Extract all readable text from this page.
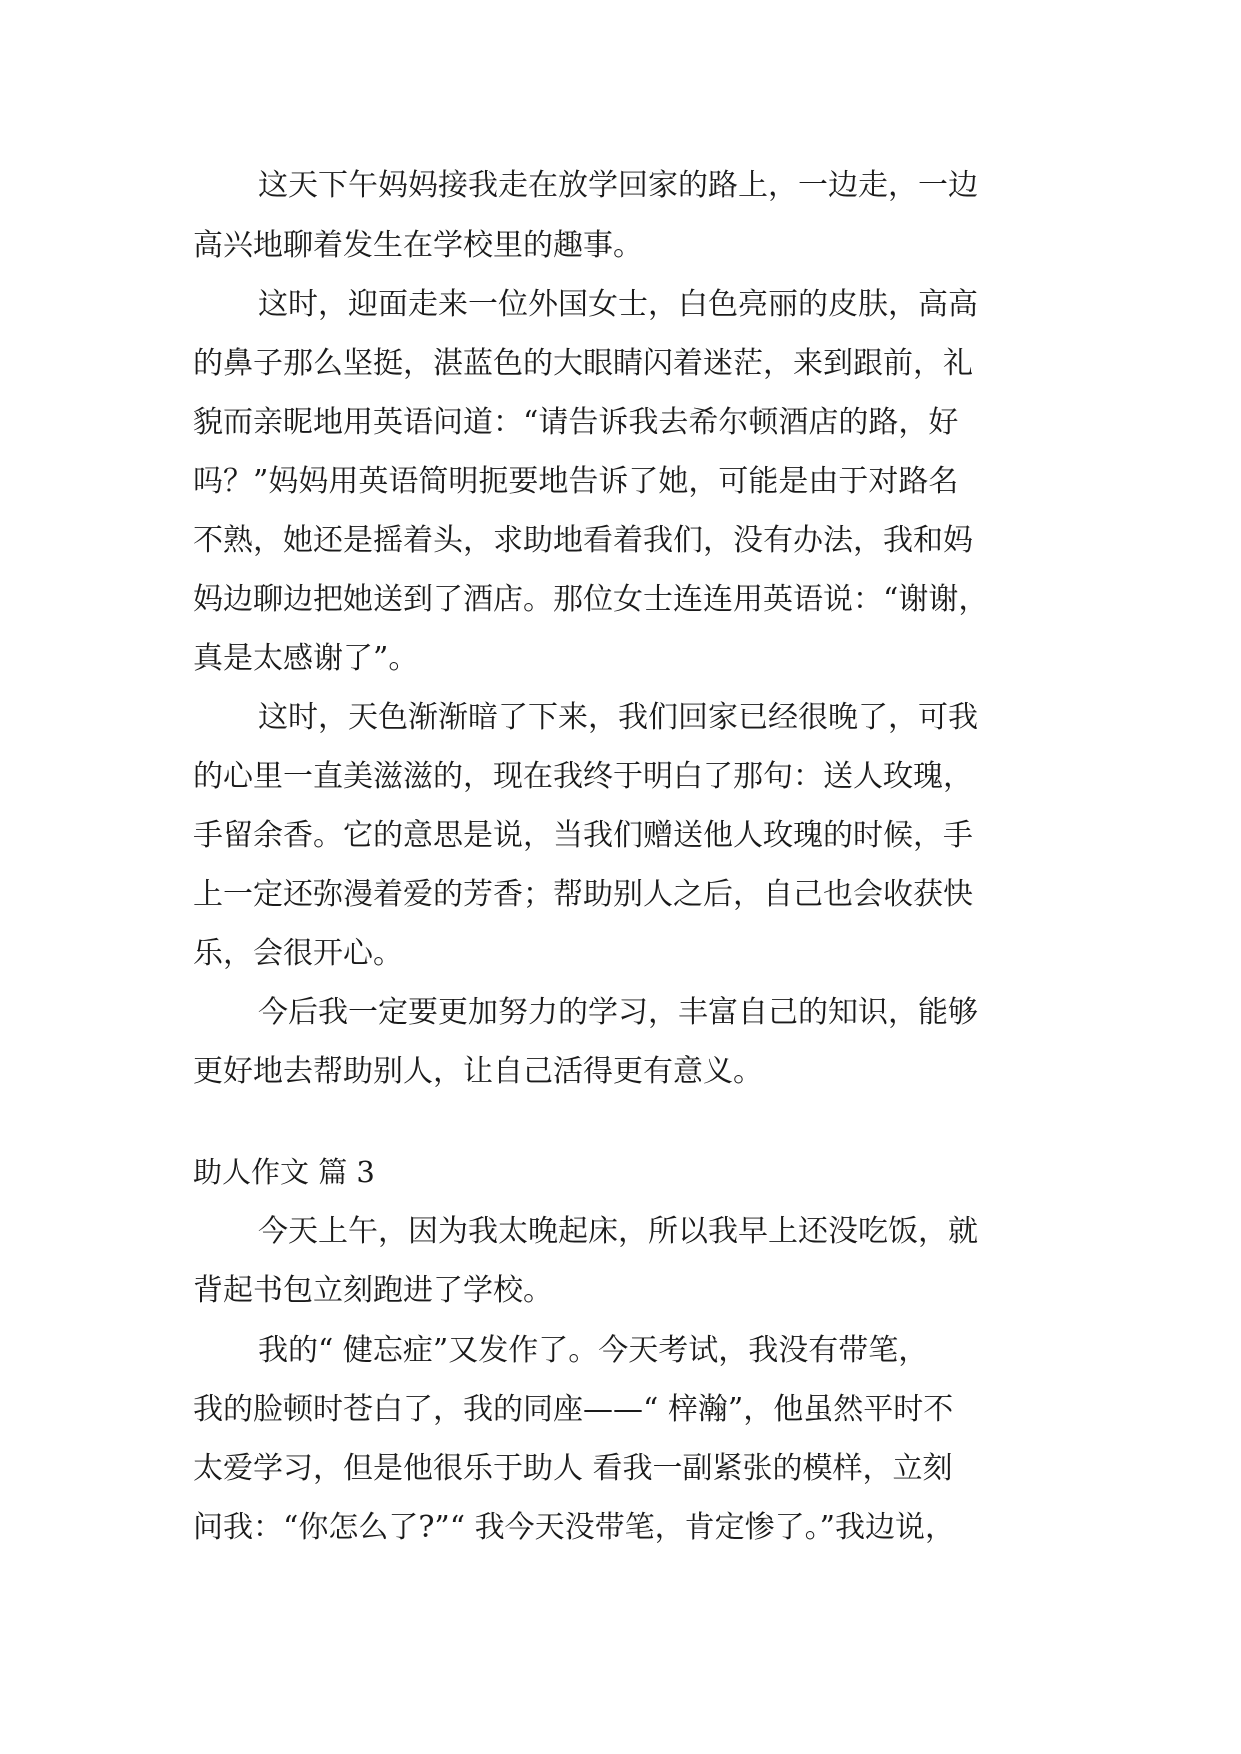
这天下午妈妈接我走在放学回家的路上，一边走，一边

高兴地聊着发生在学校里的趣事。

这时，迎面走来一位外国女士，白色亮丽的皮肤，高高

的鼻子那么坚挺，湛蓝色的大眼睛闪着迷茫，来到跟前，礼

貌而亲昵地用英语问道：“请告诉我去希尔顿酒店的路，好

吗？”妈妈用英语简明扼要地告诉了她，可能是由于对路名

不熟，她还是摇着头，求助地看着我们，没有办法，我和妈

妈边聊边把她送到了酒店。那位女士连连用英语说：“谢谢，

真是太感谢了”。

这时，天色渐渐暗了下来，我们回家已经很晚了，可我

的心里一直美滋滋的，现在我终于明白了那句：送人玫瑰，

手留余香。它的意思是说，当我们赠送他人玫瑰的时候，手

上一定还弥漫着爱的芳香；帮助别人之后，自己也会收获快

乐，会很开心。

今后我一定要更加努力的学习，丰富自己的知识，能够

更好地去帮助别人，让自己活得更有意义。

助人作文 篇 3

今天上午，因为我太晚起床，所以我早上还没吃饭，就

背起书包立刻跑进了学校。

我的“ 健忘症”又发作了。今天考试，我没有带笔，

我的脸顿时苍白了，我的同座——“ 梓瀚”，他虽然平时不

太爱学习，但是他很乐于助人 看我一副紧张的模样，立刻

问我：“你怎么了?”“ 我今天没带笔，肯定惨了。”我边说，
